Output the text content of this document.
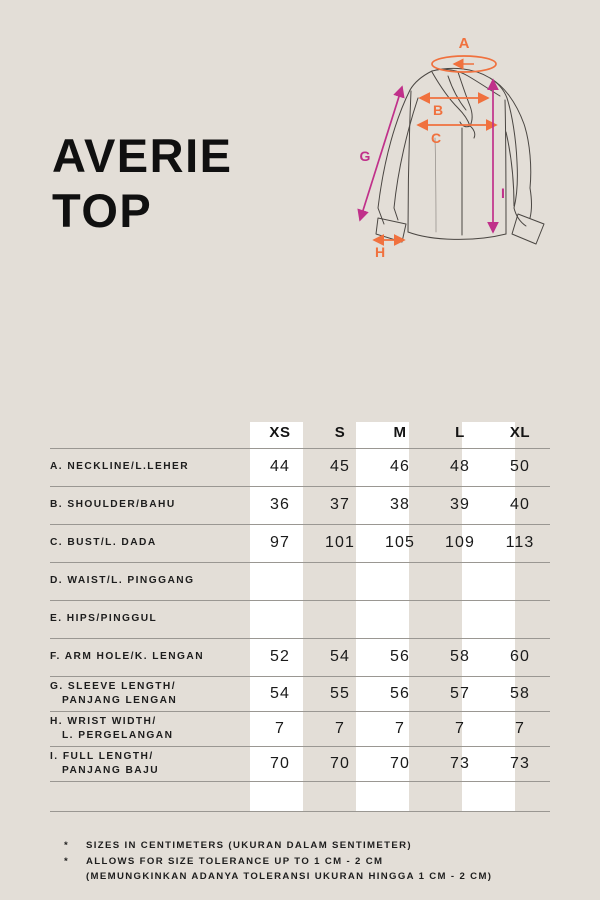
AVERIE
TOP
A
B
C
G
H
I
	XS	S	M	L	XL
A. NECKLINE/L.LEHER	44	45	46	48	50
B. SHOULDER/BAHU	36	37	38	39	40
C. BUST/L. DADA	97	101	105	109	113
D. WAIST/L. PINGGANG					
E. HIPS/PINGGUL					
F. ARM HOLE/K. LENGAN	52	54	56	58	60
G. SLEEVE LENGTH/
PANJANG LENGAN	54	55	56	57	58
H. WRIST WIDTH/
L. PERGELANGAN	7	7	7	7	7
I. FULL LENGTH/
PANJANG BAJU	70	70	70	73	73

* SIZES IN CENTIMETERS (UKURAN DALAM SENTIMETER)
* ALLOWS FOR SIZE TOLERANCE UP TO 1 CM - 2 CM
(MEMUNGKINKAN ADANYA TOLERANSI UKURAN HINGGA 1 CM - 2 CM)
